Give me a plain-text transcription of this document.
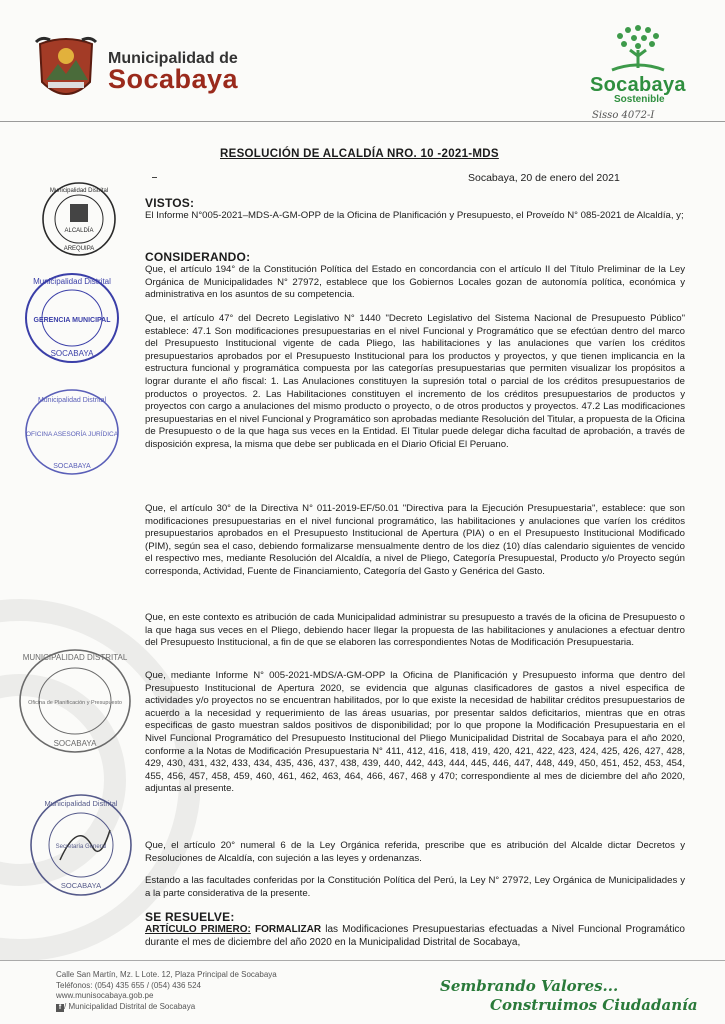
Municipalidad de
Socabaya	Socabaya
Sostenible
Sisso 4072-I
RESOLUCIÓN DE ALCALDÍA NRO. 10 -2021-MDS
Socabaya, 20 de enero del 2021
Municipalidad Distrital
ALCALDÍA
AREQUIPA
Municipalidad Distrital
GERENCIA MUNICIPAL
SOCABAYA
Municipalidad Distrital
OFICINA ASESORÍA JURÍDICA
SOCABAYA
MUNICIPALIDAD DISTRITAL
Oficina de Planificación y Presupuesto
SOCABAYA
Municipalidad Distrital
Secretaría General
SOCABAYA
VISTOS:
El Informe N°005-2021–MDS-A-GM-OPP de la Oficina de Planificación y Presupuesto, el Proveído N° 085-2021 de Alcaldía, y;
CONSIDERANDO:
Que, el artículo 194° de la Constitución Política del Estado en concordancia con el artículo II del Título Preliminar de la Ley Orgánica de Municipalidades N° 27972, establece que los Gobiernos Locales gozan de autonomía política, económica y administrativa en los asuntos de su competencia.
Que, el artículo 47° del Decreto Legislativo N° 1440 "Decreto Legislativo del Sistema Nacional de Presupuesto Público" establece: 47.1 Son modificaciones presupuestarias en el nivel Funcional y Programático que se efectúan dentro del marco del Presupuesto Institucional vigente de cada Pliego, las habilitaciones y las anulaciones que varíen los créditos presupuestarios aprobados por el Presupuesto Institucional para los productos y proyectos, y que tienen implicancia en la estructura funcional y programática compuesta por las categorías presupuestarias que permiten visualizar los propósitos a lograr durante el año fiscal: 1. Las Anulaciones constituyen la supresión total o parcial de los créditos presupuestarios de productos o proyectos. 2. Las Habilitaciones constituyen el incremento de los créditos presupuestarios de productos y proyectos con cargo a anulaciones del mismo producto o proyecto, o de otros productos y proyectos. 47.2 Las modificaciones presupuestarias en el nivel Funcional y Programático son aprobadas mediante Resolución del Titular, a propuesta de la Oficina de Presupuesto o de la que haga sus veces en la Entidad. El Titular puede delegar dicha facultad de aprobación, a través de disposición expresa, la misma que debe ser publicada en el Diario Oficial El Peruano.
Que, el artículo 30° de la Directiva N° 011-2019-EF/50.01 "Directiva para la Ejecución Presupuestaria", establece: que son modificaciones presupuestarias en el nivel funcional programático, las habilitaciones y anulaciones que varíen los créditos presupuestarios aprobados en el Presupuesto Institucional de Apertura (PIA) o en el Presupuesto Institucional Modificado (PIM), según sea el caso, debiendo formalizarse mensualmente dentro de los diez (10) días calendario siguientes de vencido el respectivo mes, mediante Resolución del Alcaldía, a nivel de Pliego, Categoría Presupuestal, Producto y/o Proyecto según corresponda, Actividad, Fuente de Financiamiento, Categoría del Gasto y Genérica del Gasto.
Que, en este contexto es atribución de cada Municipalidad administrar su presupuesto a través de la oficina de Presupuesto o la que haga sus veces en el Pliego, debiendo hacer llegar la propuesta de las habilitaciones y anulaciones a efectuar dentro del Presupuesto Institucional, a fin de que se elaboren las correspondientes Notas de Modificación Presupuestaria.
Que, mediante Informe N° 005-2021-MDS/A-GM-OPP la Oficina de Planificación y Presupuesto informa que dentro del Presupuesto Institucional de Apertura 2020, se evidencia que algunas clasificadores de gastos a nivel especifica de actividades y/o proyectos no se encuentran habilitados, por lo que existe la necesidad de habilitar créditos presupuestarios de acuerdo a la necesidad y requerimiento de las áreas usuarias, por presentar saldos deficitarios, mientras que en otras especificas de gasto muestran saldos positivos de disponibilidad; por lo que propone la Modificación Presupuestaria en el Nivel Funcional Programático del Presupuesto Institucional del Pliego Municipalidad Distrital de Socabaya para el año 2020, conforme a la Notas de Modificación Presupuestaria N° 411, 412, 416, 418, 419, 420, 421, 422, 423, 424, 425, 426, 427, 428, 429, 430, 431, 432, 433, 434, 435, 436, 437, 438, 439, 440, 442, 443, 444, 445, 446, 447, 448, 449, 450, 451, 452, 453, 454, 455, 456, 457, 458, 459, 460, 461, 462, 463, 464, 466, 467, 468 y 470; correspondiente al mes de diciembre del año 2020, adjuntas al presente.
Que, el artículo 20° numeral 6 de la Ley Orgánica referida, prescribe que es atribución del Alcalde dictar Decretos y Resoluciones de Alcaldía, con sujeción a las leyes y ordenanzas.
Estando a las facultades conferidas por la Constitución Política del Perú, la Ley N° 27972, Ley Orgánica de Municipalidades y a la parte considerativa de la presente.
SE RESUELVE:
ARTÍCULO PRIMERO: FORMALIZAR las Modificaciones Presupuestarias efectuadas a Nivel Funcional Programático durante el mes de diciembre del año 2020 en la Municipalidad Distrital de Socabaya,
Calle San Martín, Mz. L Lote. 12, Plaza Principal de Socabaya
Teléfonos: (054) 435 655 / (054) 436 524
www.munisocabaya.gob.pe
f / Municipalidad Distrital de Socabaya
Sembrando Valores...
Construimos Ciudadanía
